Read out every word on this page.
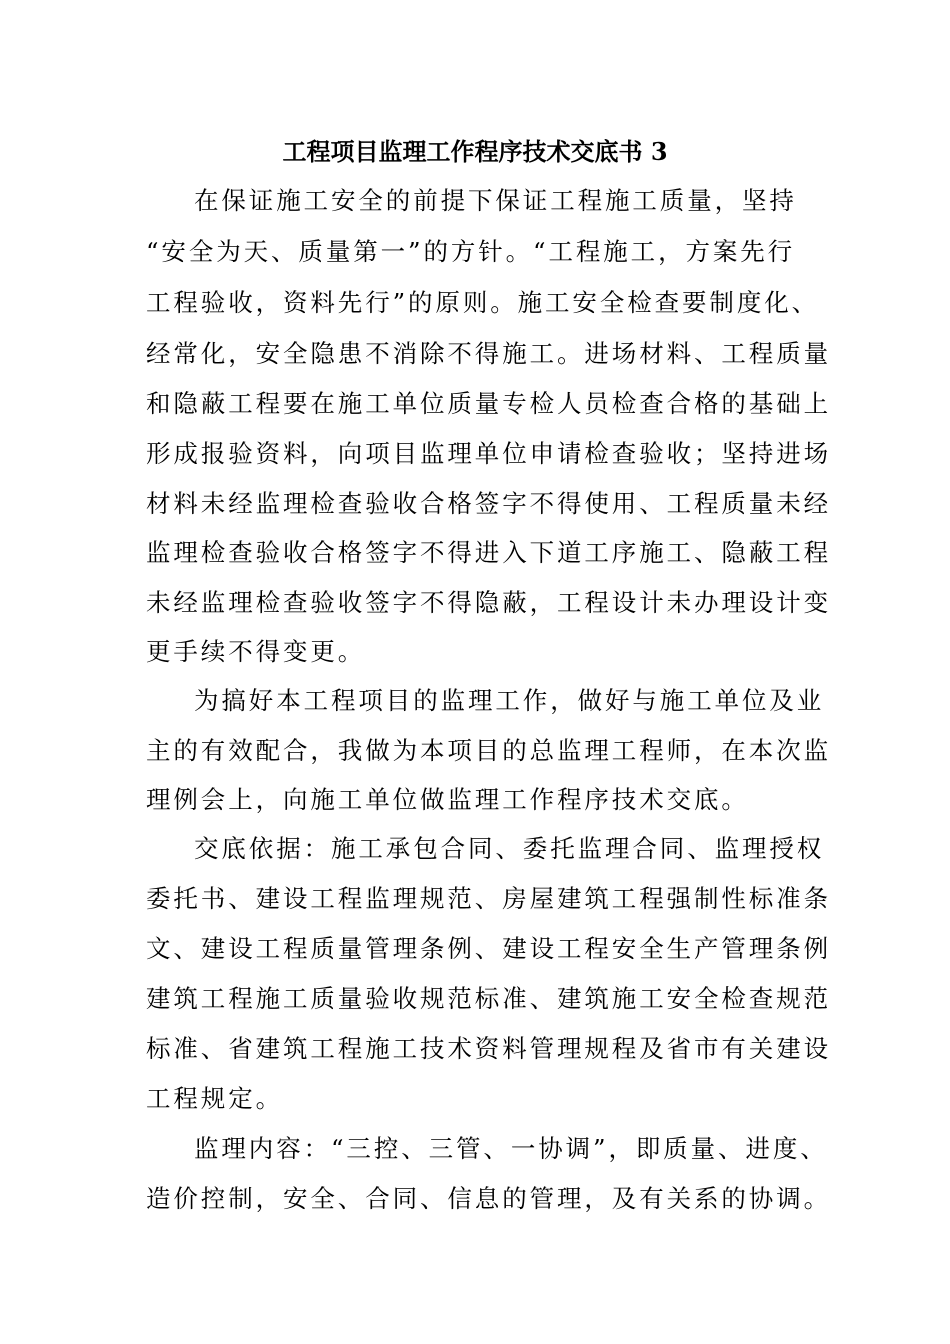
工程项目监理工作程序技术交底书 3
在保证施工安全的前提下保证工程施工质量，坚持
“安全为天、质量第一”的方针。“工程施工，方案先行
工程验收，资料先行”的原则。施工安全检查要制度化、
经常化，安全隐患不消除不得施工。进场材料、工程质量
和隐蔽工程要在施工单位质量专检人员检查合格的基础上
形成报验资料，向项目监理单位申请检查验收；坚持进场
材料未经监理检查验收合格签字不得使用、工程质量未经
监理检查验收合格签字不得进入下道工序施工、隐蔽工程
未经监理检查验收签字不得隐蔽，工程设计未办理设计变
更手续不得变更。
为搞好本工程项目的监理工作，做好与施工单位及业
主的有效配合，我做为本项目的总监理工程师，在本次监
理例会上，向施工单位做监理工作程序技术交底。
交底依据：施工承包合同、委托监理合同、监理授权
委托书、建设工程监理规范、房屋建筑工程强制性标准条
文、建设工程质量管理条例、建设工程安全生产管理条例
建筑工程施工质量验收规范标准、建筑施工安全检查规范
标准、省建筑工程施工技术资料管理规程及省市有关建设
工程规定。
监理内容：“三控、三管、一协调”，即质量、进度、
造价控制，安全、合同、信息的管理，及有关系的协调。
